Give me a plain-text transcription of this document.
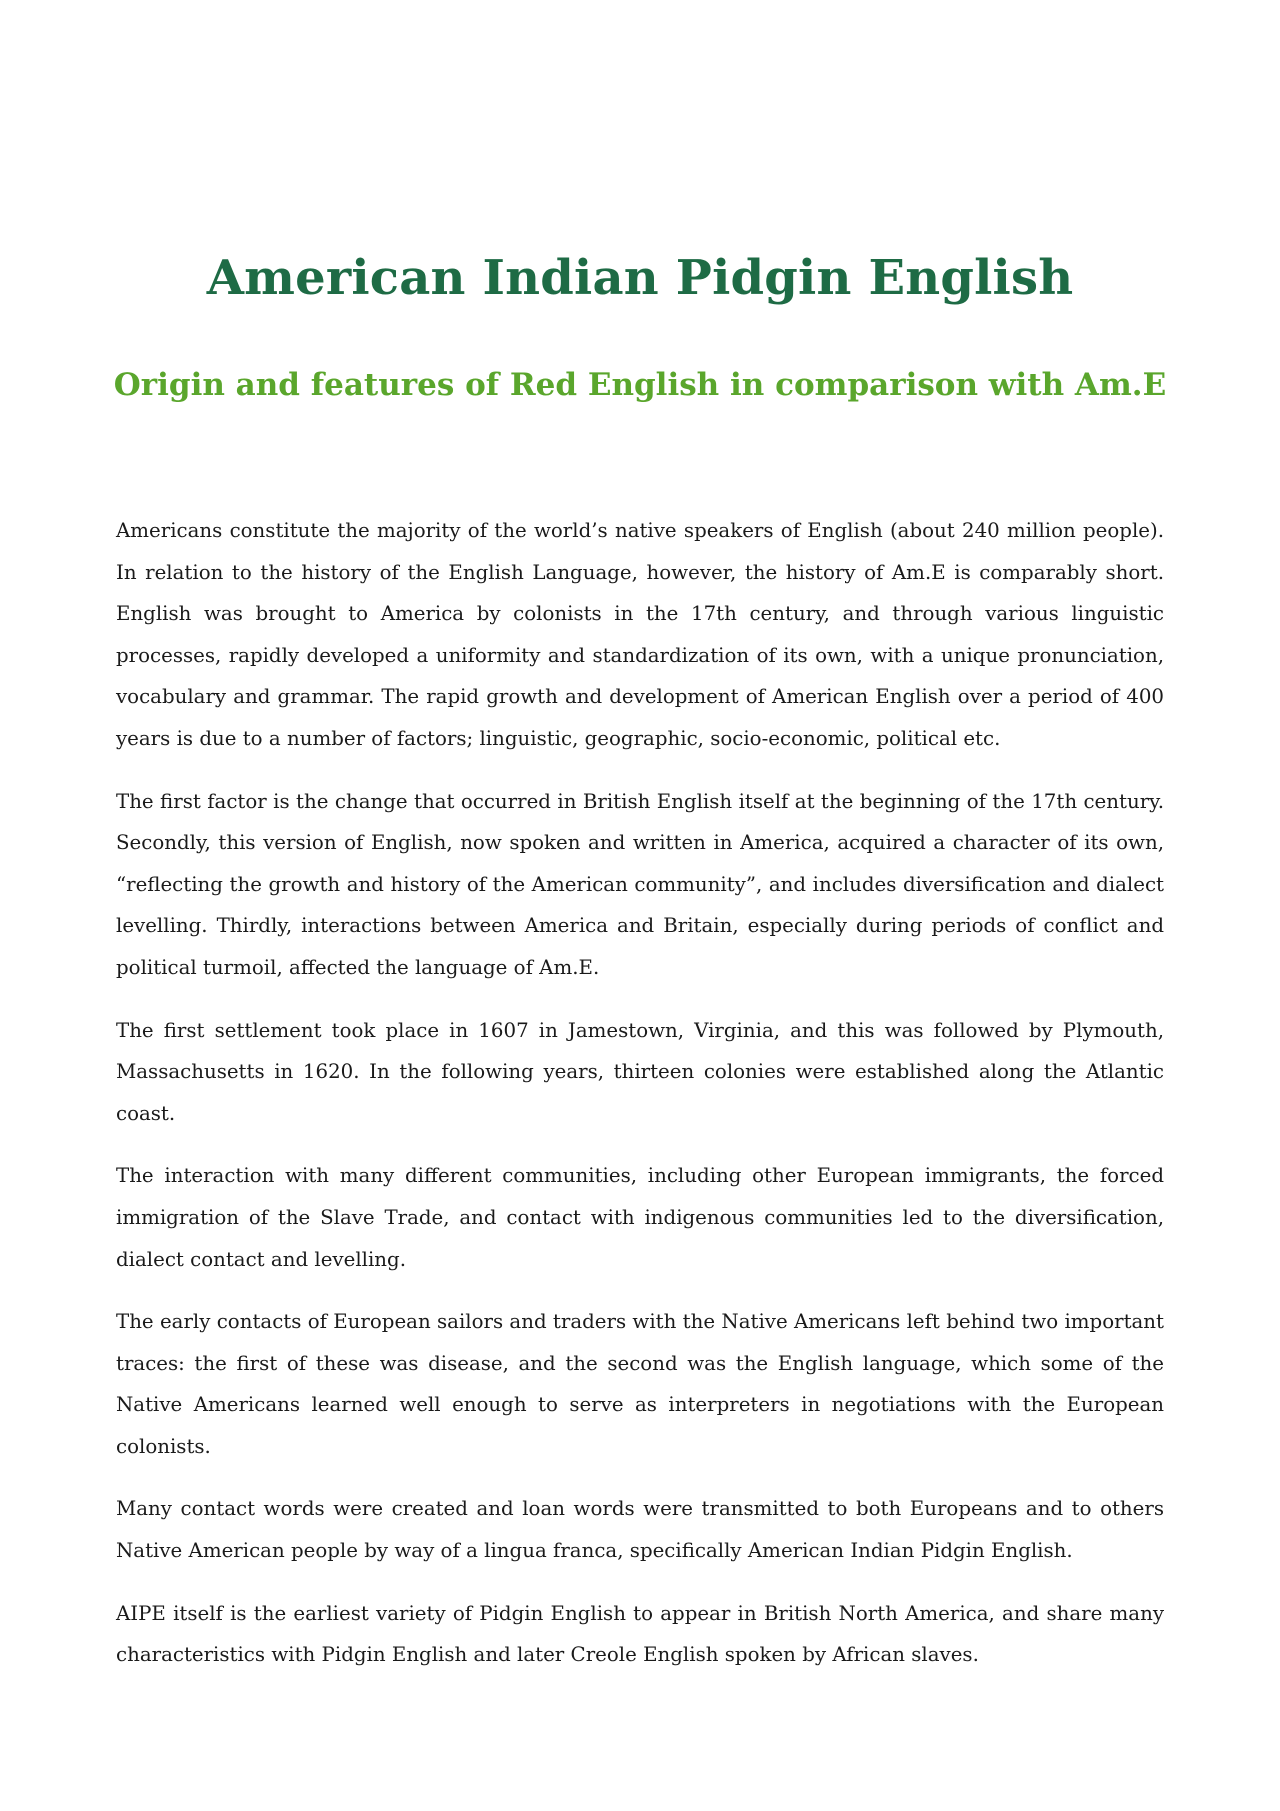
American Indian Pidgin English
Origin and features of Red English in comparison with Am.E

Americans constitute the majority of the world’s native speakers of English (about 240 million people). In relation to the history of the English Language, however, the history of Am.E is comparably short. English was brought to America by colonists in the 17th century, and through various linguistic processes, rapidly developed a uniformity and standardization of its own, with a unique pronunciation, vocabulary and grammar. The rapid growth and development of American English over a period of 400 years is due to a number of factors; linguistic, geographic, socio-economic, political etc.

The first factor is the change that occurred in British English itself at the beginning of the 17th century. Secondly, this version of English, now spoken and written in America, acquired a character of its own, “reflecting the growth and history of the American community”, and includes diversification and dialect levelling. Thirdly, interactions between America and Britain, especially during periods of conflict and political turmoil, affected the language of Am.E.

The first settlement took place in 1607 in Jamestown, Virginia, and this was followed by Plymouth, Massachusetts in 1620. In the following years, thirteen colonies were established along the Atlantic coast.

The interaction with many different communities, including other European immigrants, the forced immigration of the Slave Trade, and contact with indigenous communities led to the diversification, dialect contact and levelling.

The early contacts of European sailors and traders with the Native Americans left behind two important traces: the first of these was disease, and the second was the English language, which some of the Native Americans learned well enough to serve as interpreters in negotiations with the European colonists.

Many contact words were created and loan words were transmitted to both Europeans and to others Native American people by way of a lingua franca, specifically American Indian Pidgin English.

AIPE itself is the earliest variety of Pidgin English to appear in British North America, and share many characteristics with Pidgin English and later Creole English spoken by African slaves.
